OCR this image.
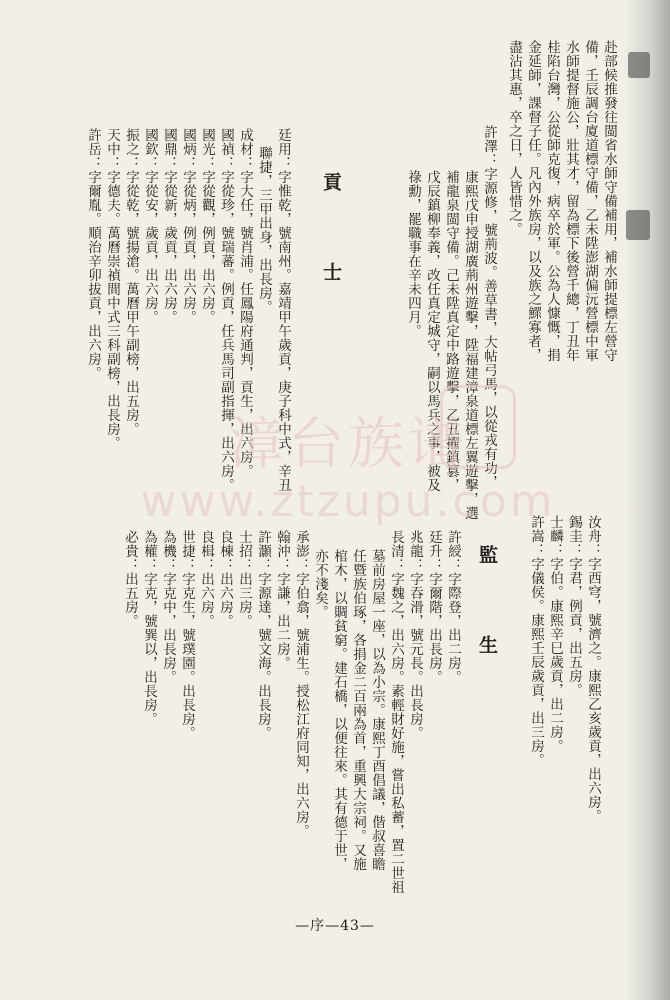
赴部候推發往閩省水師守備補用，補水師提標左營守

備，壬辰調台廈道標守備，乙未陞澎湖偏沅營標中軍

水師提督施公，壯其才，留為標下後營千總，丁丑年

桂陷台灣，公從師克復，病卒於軍。公為人慷慨，捐

金延師，課督子任。凡內外族房，以及族之鰥寡者，

盡沾其惠，卒之日，人皆惜之。

許澤：字源修，號荊波。善草書，大帖弓馬，以從戎有功，

康熙戊申授湖廣荊州遊擊，陞福建漳泉道標左翼遊擊，選

補龍泉閩守備。己未陞真定中路遊擊，乙丑擢鎮篡，

戊辰鎮柳奉義，改任真定城守，嗣以馬兵之事，被及

祿勳，罷職事在辛未四月。

貢　士

廷用：字惟乾，號南州。嘉靖甲午歲貢，庚子科中式，辛丑

聯捷，三甲出身，出長房。

成材：字大任，號肖浦。任鳳陽府通判，貢生，出六房。

國禎：字從珍，號瑞蕃。例貢，任兵馬司副指揮，出六房。

國光：字從觀，例貢，出六房。

國炳：字從炳，例貢，出六房。

國鼎：字從新，歲貢，出六房。

國欽：字從安，歲貢，出六房。

振之：字從乾，號揚滄。萬曆甲午副榜，出五房。

天中：字德夫。萬曆崇禎間中式三科副榜，出長房。

許岳：字爾胤。順治辛卯拔貢，出六房。

汝舟：字西穹，號濟之。康熙乙亥歲貢，出六房。

錫圭：字君，例貢，出五房。

士麟：字伯。康熙辛巳歲貢，出二房。

許嵩：字儀侯。康熙壬辰歲貢，出三房。

監　生

許綬：字際登，出二房。

廷升：字爾階，出長房。

兆龍：字吞滑，號元長。出長房。

長清：字魏之，出六房。素輕財好施，嘗出私蓄，置二世祖

墓前房屋一座，以為小宗。康熙丁酉倡議，偕叔喜瞻

任暨族伯琢，各捐金二百兩為首，重興大宗祠。又施

棺木，以賙貧窮。建石橋，以便往來。其有德于世，

亦不淺矣。

承澎：字伯翕，號浦生。授松江府同知，出六房。

翰沖：字謙，出二房。

許灝：字源達，號文海。出長房。

士招：出三房。

良棟：出六房。

良楫：出六房。

世捷：字克生，號璞園。出長房。

為機：字克中，出長房。

為權：字克，號巽以，出長房。

必貴：出五房。

漳台族谱
www.ztzupu.com
—序—43—
